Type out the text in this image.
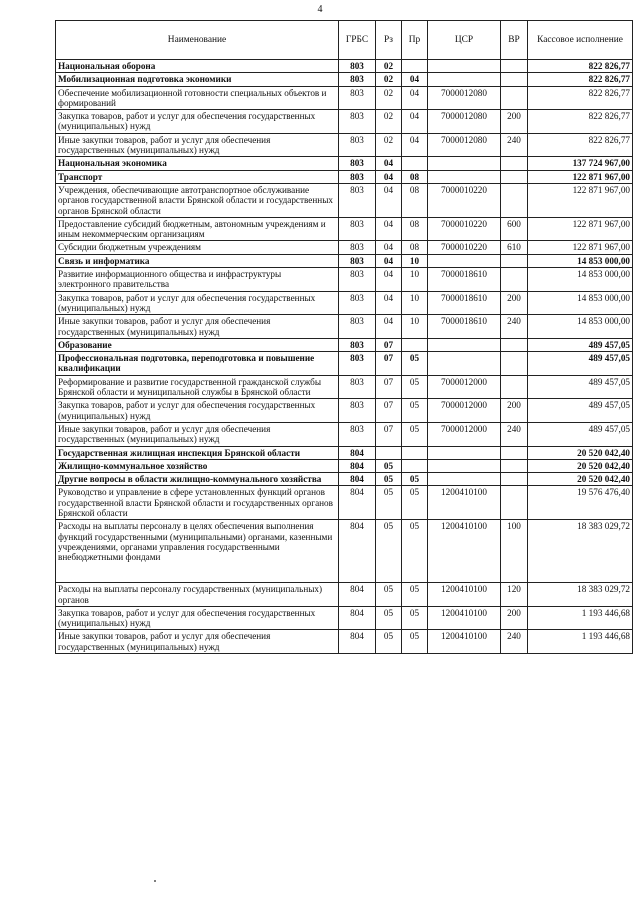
4
Наименование	ГРБС	Рз	Пр	ЦСР	ВР	Кассовое исполнение
Национальная оборона	803	02				822 826,77
Мобилизационная подготовка экономики	803	02	04			822 826,77
Обеспечение мобилизационной готовности специальных объектов и формирований	803	02	04	7000012080		822 826,77
Закупка товаров, работ и услуг для обеспечения государственных (муниципальных) нужд	803	02	04	7000012080	200	822 826,77
Иные закупки товаров, работ и услуг для обеспечения государственных (муниципальных) нужд	803	02	04	7000012080	240	822 826,77
Национальная экономика	803	04				137 724 967,00
Транспорт	803	04	08			122 871 967,00
Учреждения, обеспечивающие автотранспортное обслуживание органов государственной власти Брянской области и государственных органов Брянской области	803	04	08	7000010220		122 871 967,00
Предоставление субсидий бюджетным, автономным учреждениям и иным некоммерческим организациям	803	04	08	7000010220	600	122 871 967,00
Субсидии бюджетным учреждениям	803	04	08	7000010220	610	122 871 967,00
Связь и информатика	803	04	10			14 853 000,00
Развитие информационного общества и инфраструктуры электронного правительства	803	04	10	7000018610		14 853 000,00
Закупка товаров, работ и услуг для обеспечения государственных (муниципальных) нужд	803	04	10	7000018610	200	14 853 000,00
Иные закупки товаров, работ и услуг для обеспечения государственных (муниципальных) нужд	803	04	10	7000018610	240	14 853 000,00
Образование	803	07				489 457,05
Профессиональная подготовка, переподготовка и повышение квалификации	803	07	05			489 457,05
Реформирование и развитие государственной гражданской службы Брянской области и муниципальной службы в Брянской области	803	07	05	7000012000		489 457,05
Закупка товаров, работ и услуг для обеспечения государственных (муниципальных) нужд	803	07	05	7000012000	200	489 457,05
Иные закупки товаров, работ и услуг для обеспечения государственных (муниципальных) нужд	803	07	05	7000012000	240	489 457,05
Государственная жилищная инспекция Брянской области	804					20 520 042,40
Жилищно-коммунальное хозяйство	804	05				20 520 042,40
Другие вопросы в области жилищно-коммунального хозяйства	804	05	05			20 520 042,40
Руководство и управление в сфере установленных функций органов государственной власти Брянской области и государственных органов Брянской области	804	05	05	1200410100		19 576 476,40
Расходы на выплаты персоналу в целях обеспечения выполнения функций государственными (муниципальными) органами, казенными учреждениями, органами управления государственными внебюджетными фондами	804	05	05	1200410100	100	18 383 029,72
Расходы на выплаты персоналу государственных (муниципальных) органов	804	05	05	1200410100	120	18 383 029,72
Закупка товаров, работ и услуг для обеспечения государственных (муниципальных) нужд	804	05	05	1200410100	200	1 193 446,68
Иные закупки товаров, работ и услуг для обеспечения государственных (муниципальных) нужд	804	05	05	1200410100	240	1 193 446,68
